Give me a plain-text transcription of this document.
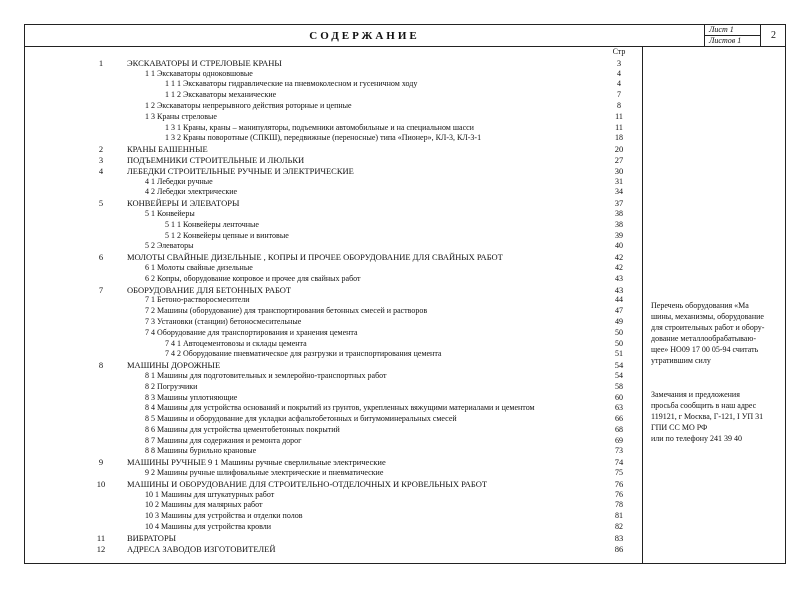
СОДЕРЖАНИЕ
Лист 1
Листов 1	2
Стр
1	ЭКСКАВАТОРЫ И СТРЕЛОВЫЕ КРАНЫ	3
1 1 Экскаваторы одноковшовые	4
1 1 1 Экскаваторы гидравлические на пневмоколесном и гусеничном ходу	4
1 1 2 Экскаваторы механические	7
1 2 Экскаваторы непрерывного действия роторные и цепные	8
1 3 Краны стреловые	11
1 3 1 Краны, краны – манипуляторы, подъемники автомобильные и на специальном шасси	11
1 3 2 Краны поворотные (СПКШ), передвижные (переносные) типа «Пионер», КЛ-3, КЛ-3-1	18
2	КРАНЫ БАШЕННЫЕ	20
3	ПОДЪЕМНИКИ СТРОИТЕЛЬНЫЕ И ЛЮЛЬКИ	27
4	ЛЕБЕДКИ СТРОИТЕЛЬНЫЕ РУЧНЫЕ И ЭЛЕКТРИЧЕСКИЕ	30
4 1 Лебедки ручные	31
4 2 Лебедки электрические	34
5	КОНВЕЙЕРЫ И ЭЛЕВАТОРЫ	37
5 1 Конвейеры	38
5 1 1 Конвейеры ленточные	38
5 1 2 Конвейеры цепные и винтовые	39
5 2 Элеваторы	40
6	МОЛОТЫ СВАЙНЫЕ ДИЗЕЛЬНЫЕ , КОПРЫ И ПРОЧЕЕ ОБОРУДОВАНИЕ ДЛЯ СВАЙНЫХ РАБОТ	42
6 1 Молоты свайные дизельные	42
6 2 Копры, оборудование копровое и прочее для свайных работ	43
7	ОБОРУДОВАНИЕ ДЛЯ БЕТОННЫХ РАБОТ	43
7 1 Бетоно-растворосмесители	44
7 2 Машины (оборудование) для транспортирования бетонных смесей и растворов	47
7 3 Установки (станции) бетоносмесительные	49
7 4 Оборудование для транспортирования и хранения цемента	50
7 4 1 Автоцементовозы и склады цемента	50
7 4 2 Оборудование пневматическое для разгрузки и транспортирования цемента	51
8	МАШИНЫ ДОРОЖНЫЕ	54
8 1 Машины для подготовительных и землеройно-транспортных работ	54
8 2 Погрузчики	58
8 3 Машины уплотняющие	60
8 4 Машины для устройства оснований и покрытий из грунтов, укрепленных вяжущими материалами и цементом	63
8 5 Машины и оборудование для укладки асфальтобетонных и битумоминеральных смесей	66
8 6 Машины для устройства цементобетонных покрытий	68
8 7 Машины для содержания и ремонта дорог	69
8 8 Машины бурильно крановые	73
9	МАШИНЫ РУЧНЫЕ 9 1 Машины ручные сверлильные электрические	74
9 2 Машины ручные шлифовальные электрические и пневматические	75
10	МАШИНЫ И ОБОРУДОВАНИЕ ДЛЯ СТРОИТЕЛЬНО-ОТДЕЛОЧНЫХ И КРОВЕЛЬНЫХ РАБОТ	76
10 1 Машины для штукатурных работ	76
10 2 Машины для малярных работ	78
10 3 Машины для устройства и отделки полов	81
10 4 Машины для устройства кровли	82
11	ВИБРАТОРЫ	83
12	АДРЕСА ЗАВОДОВ ИЗГОТОВИТЕЛЕЙ	86
Перечень оборудования «Ма
шины, механизмы, оборудование
для строительных работ и обору-
дование металлообрабатываю-
щее» НО09 17 00 05-94 считать
утратившим силу
Замечания и предложения
просьба сообщить в наш адрес
119121, г Москва, Г-121, I УП 31
ГПИ СС МО РФ
или по телефону 241 39 40
